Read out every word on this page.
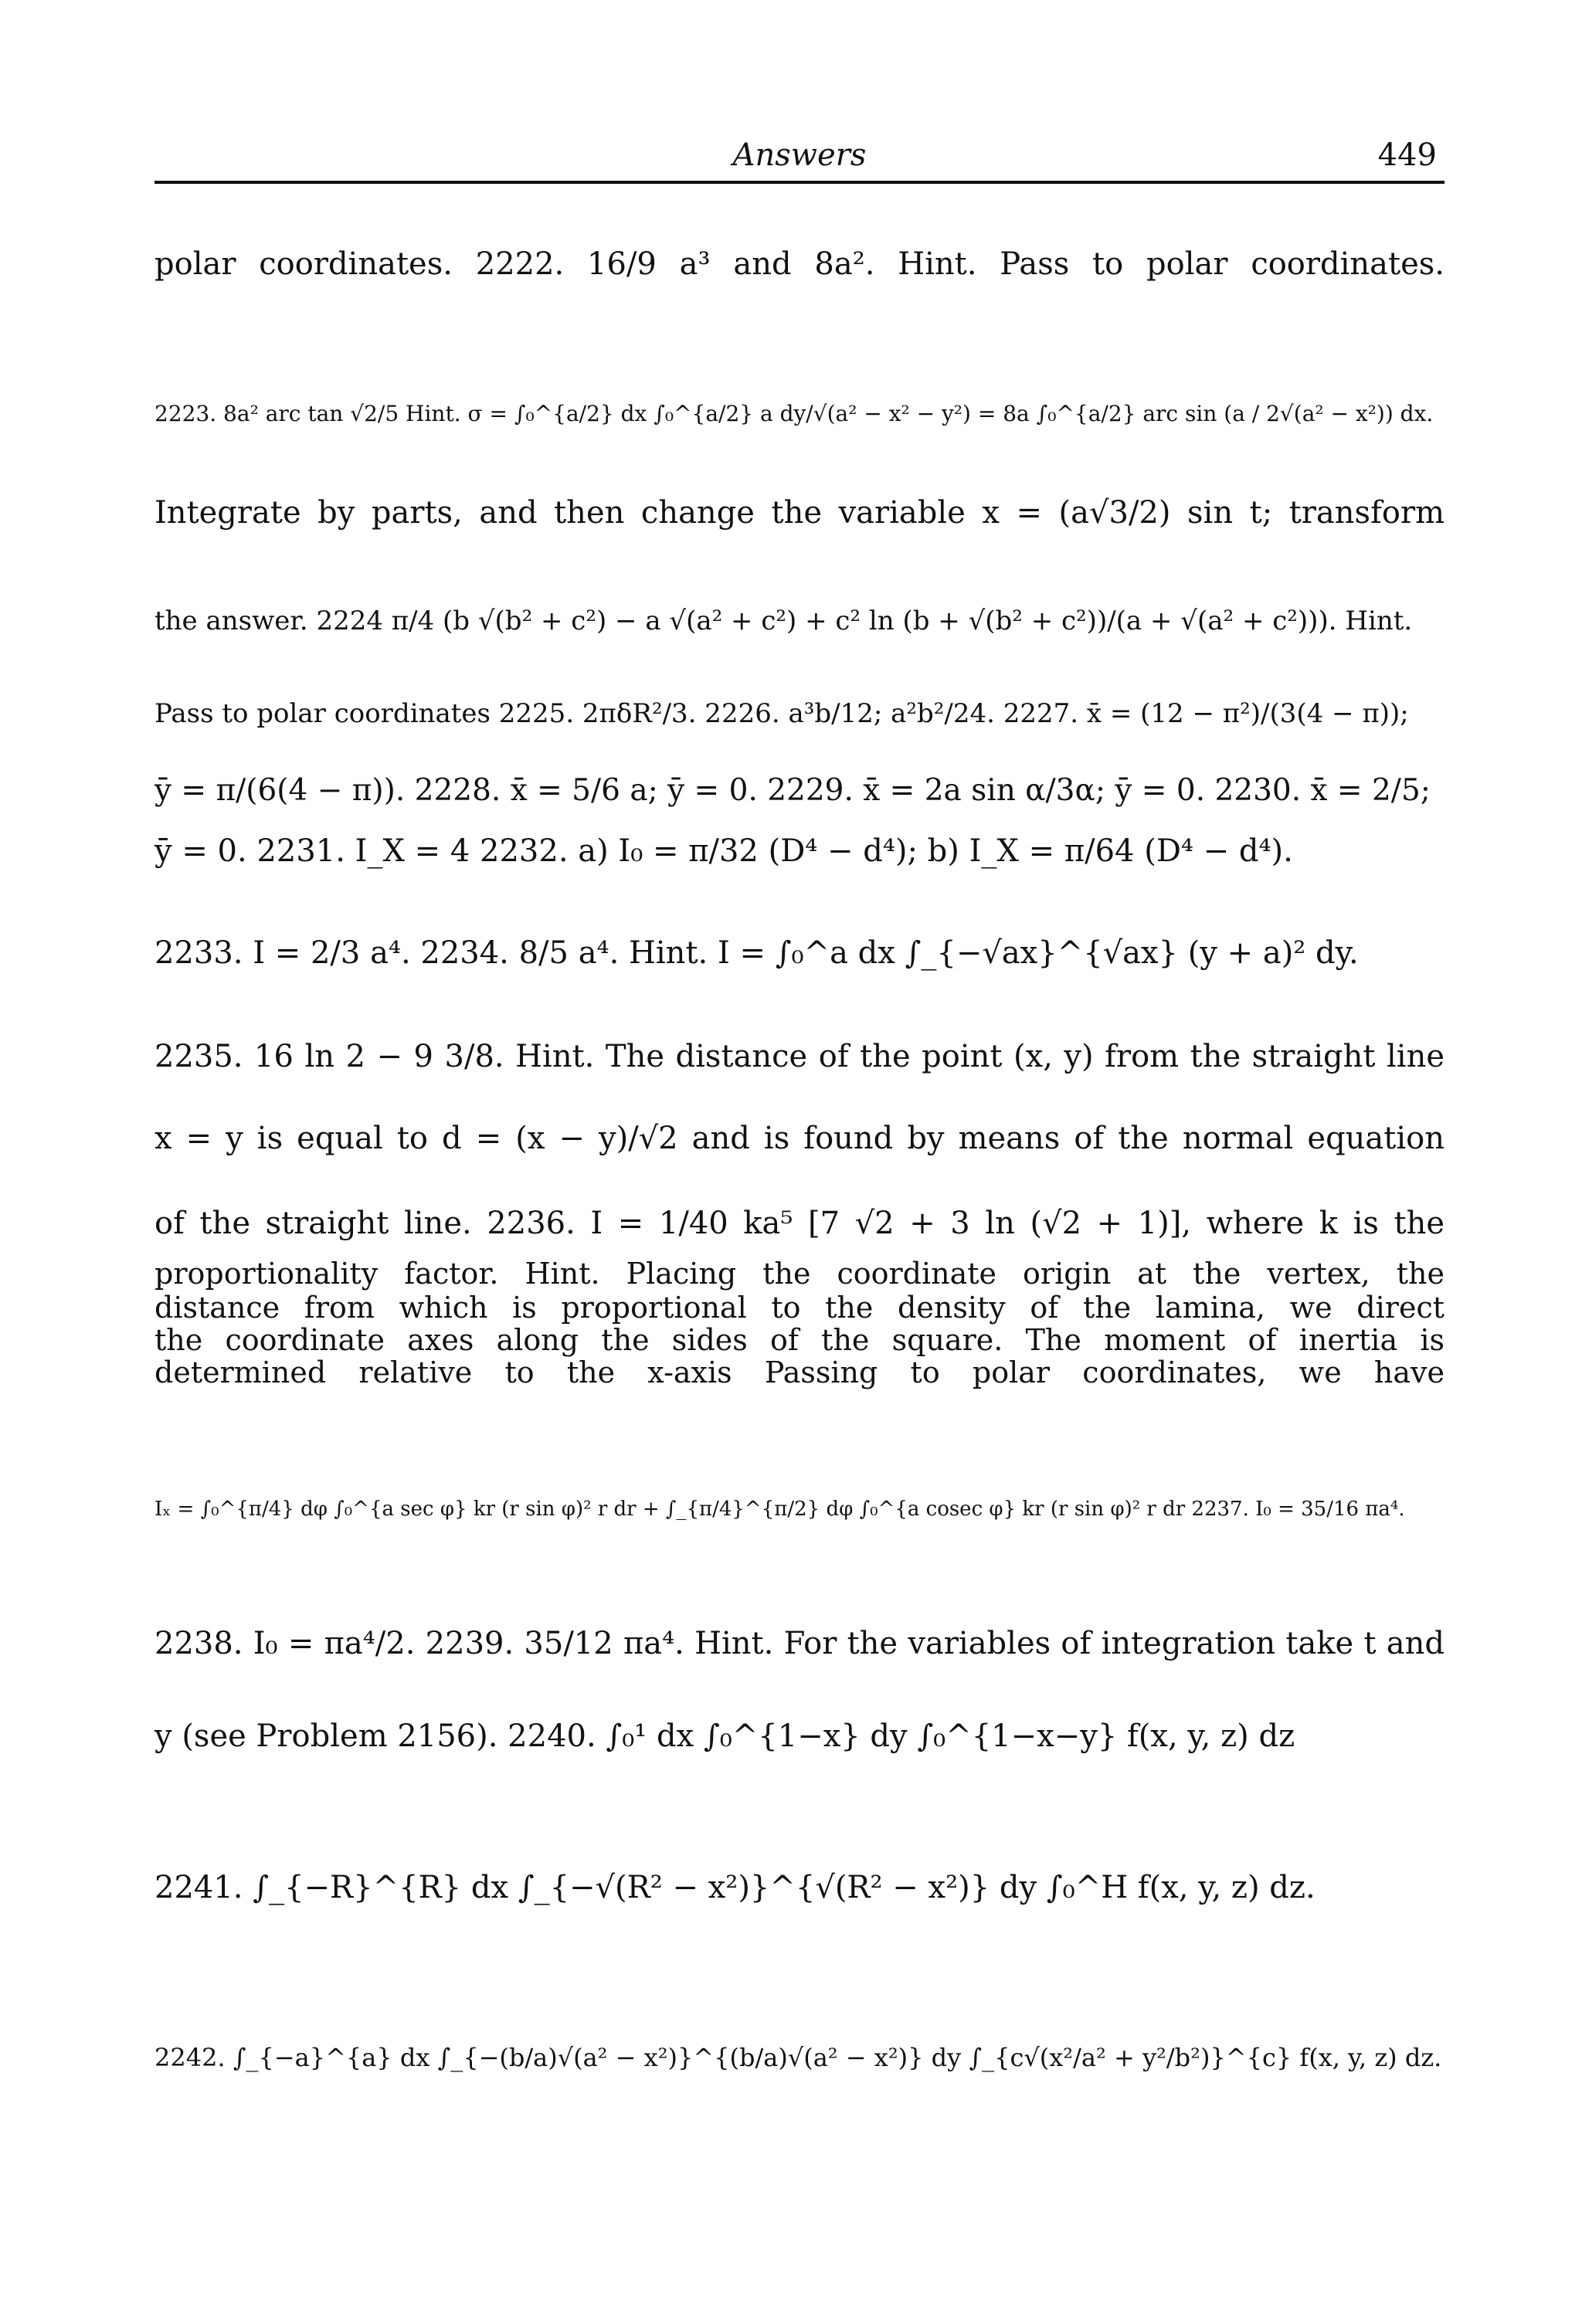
Answers	449
polar coordinates. 2222. 16/9 a³ and 8a². Hint. Pass to polar coordinates.
2223. 8a² arc tan √2/5 Hint. σ = ∫₀^{a/2} dx ∫₀^{a/2} a dy/√(a² − x² − y²) = 8a ∫₀^{a/2} arc sin (a / 2√(a² − x²)) dx.
Integrate by parts, and then change the variable x = (a√3/2) sin t; transform
the answer. 2224 π/4 (b √(b² + c²) − a √(a² + c²) + c² ln (b + √(b² + c²))/(a + √(a² + c²))). Hint.
Pass to polar coordinates 2225. 2πδR²/3. 2226. a³b/12; a²b²/24. 2227. x̄ = (12 − π²)/(3(4 − π));
ȳ = π/(6(4 − π)). 2228. x̄ = 5/6 a; ȳ = 0. 2229. x̄ = 2a sin α/3α; ȳ = 0. 2230. x̄ = 2/5;
ȳ = 0. 2231. I_X = 4 2232. a) I₀ = π/32 (D⁴ − d⁴); b) I_X = π/64 (D⁴ − d⁴).
2233. I = 2/3 a⁴. 2234. 8/5 a⁴. Hint. I = ∫₀^a dx ∫_{−√ax}^{√ax} (y + a)² dy.
2235. 16 ln 2 − 9 3/8. Hint. The distance of the point (x, y) from the straight line
x = y is equal to d = (x − y)/√2 and is found by means of the normal equation
of the straight line. 2236. I = 1/40 ka⁵ [7 √2 + 3 ln (√2 + 1)], where k is the
proportionality factor. Hint. Placing the coordinate origin at the vertex, the
distance from which is proportional to the density of the lamina, we direct
the coordinate axes along the sides of the square. The moment of inertia is
determined relative to the x-axis Passing to polar coordinates, we have
Iₓ = ∫₀^{π/4} dφ ∫₀^{a sec φ} kr (r sin φ)² r dr + ∫_{π/4}^{π/2} dφ ∫₀^{a cosec φ} kr (r sin φ)² r dr 2237. I₀ = 35/16 πa⁴.
2238. I₀ = πa⁴/2. 2239. 35/12 πa⁴. Hint. For the variables of integration take t and
y (see Problem 2156). 2240. ∫₀¹ dx ∫₀^{1−x} dy ∫₀^{1−x−y} f(x, y, z) dz
2241. ∫_{−R}^{R} dx ∫_{−√(R² − x²)}^{√(R² − x²)} dy ∫₀^H f(x, y, z) dz.
2242. ∫_{−a}^{a} dx ∫_{−(b/a)√(a² − x²)}^{(b/a)√(a² − x²)} dy ∫_{c√(x²/a² + y²/b²)}^{c} f(x, y, z) dz.
